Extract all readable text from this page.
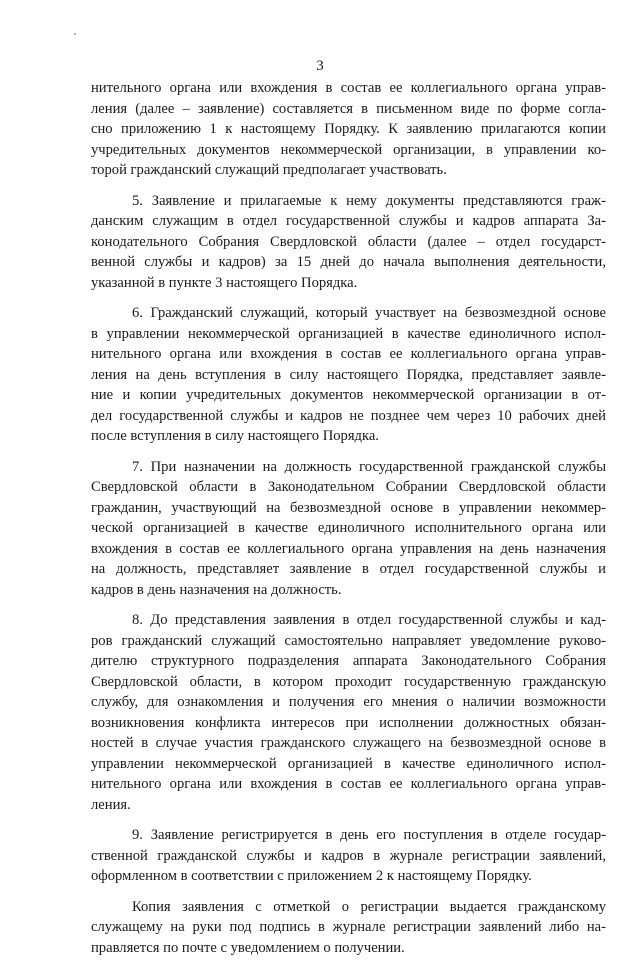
3
нительного органа или вхождения в состав ее коллегиального органа управ-
ления (далее – заявление) составляется в письменном виде по форме согла-
сно приложению 1 к настоящему Порядку. К заявлению прилагаются копии
учредительных документов некоммерческой организации, в управлении ко-
торой гражданский служащий предполагает участвовать.
5. Заявление и прилагаемые к нему документы представляются граж-
данским служащим в отдел государственной службы и кадров аппарата За-
конодательного Собрания Свердловской области (далее – отдел государст-
венной службы и кадров) за 15 дней до начала выполнения деятельности,
указанной в пункте 3 настоящего Порядка.
6. Гражданский служащий, который участвует на безвозмездной основе
в управлении некоммерческой организацией в качестве единоличного испол-
нительного органа или вхождения в состав ее коллегиального органа управ-
ления на день вступления в силу настоящего Порядка, представляет заявле-
ние и копии учредительных документов некоммерческой организации в от-
дел государственной службы и кадров не позднее чем через 10 рабочих дней
после вступления в силу настоящего Порядка.
7. При назначении на должность государственной гражданской службы
Свердловской области в Законодательном Собрании Свердловской области
гражданин, участвующий на безвозмездной основе в управлении некоммер-
ческой организацией в качестве единоличного исполнительного органа или
вхождения в состав ее коллегиального органа управления на день назначения
на должность, представляет заявление в отдел государственной службы и
кадров в день назначения на должность.
8. До представления заявления в отдел государственной службы и кад-
ров гражданский служащий самостоятельно направляет уведомление руково-
дителю структурного подразделения аппарата Законодательного Собрания
Свердловской области, в котором проходит государственную гражданскую
службу, для ознакомления и получения его мнения о наличии возможности
возникновения конфликта интересов при исполнении должностных обязан-
ностей в случае участия гражданского служащего на безвозмездной основе в
управлении некоммерческой организацией в качестве единоличного испол-
нительного органа или вхождения в состав ее коллегиального органа управ-
ления.
9. Заявление регистрируется в день его поступления в отделе государ-
ственной гражданской службы и кадров в журнале регистрации заявлений,
оформленном в соответствии с приложением 2 к настоящему Порядку.
Копия заявления с отметкой о регистрации выдается гражданскому
служащему на руки под подпись в журнале регистрации заявлений либо на-
правляется по почте с уведомлением о получении.
